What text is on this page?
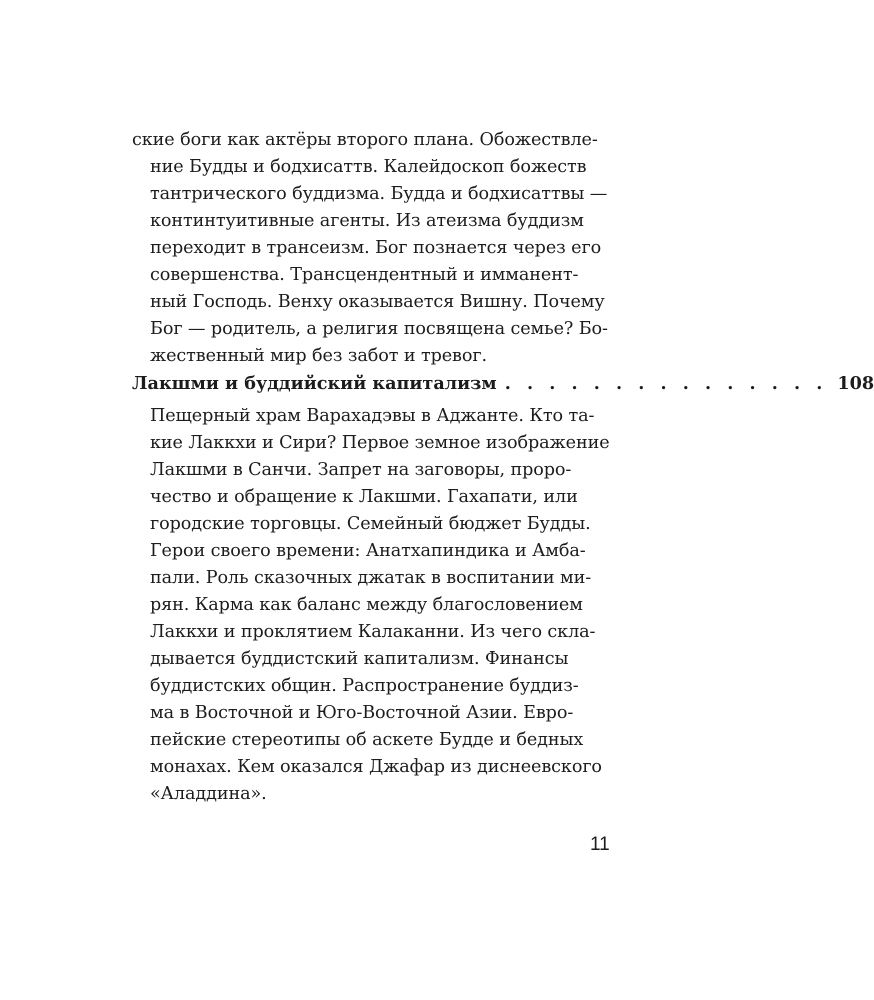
ские боги как актёры второго плана. Обожествле-
ние Будды и бодхисаттв. Калейдоскоп божеств
тантрического буддизма. Будда и бодхисаттвы —
континтуитивные агенты. Из атеизма буддизм
переходит в трансеизм. Бог познается через его
совершенства. Трансцендентный и имманент-
ный Господь. Венху оказывается Вишну. Почему
Бог — родитель, а религия посвящена семье? Бо-
жественный мир без забот и тревог.
Лакшми и буддийский капитализм . . . . . . . . . . . . . . . 108
Пещерный храм Варахадэвы в Аджанте. Кто та-
кие Лаккхи и Сири? Первое земное изображение
Лакшми в Санчи. Запрет на заговоры, проро-
чество и обращение к Лакшми. Гахапати, или
городские торговцы. Семейный бюджет Будды.
Герои своего времени: Анатхапиндика и Амба-
пали. Роль сказочных джатак в воспитании ми-
рян. Карма как баланс между благословением
Лаккхи и проклятием Калаканни. Из чего скла-
дывается буддистский капитализм. Финансы
буддистских общин. Распространение буддиз-
ма в Восточной и Юго-Восточной Азии. Евро-
пейские стереотипы об аскете Будде и бедных
монахах. Кем оказался Джафар из диснеевского
«Аладдина».
11
